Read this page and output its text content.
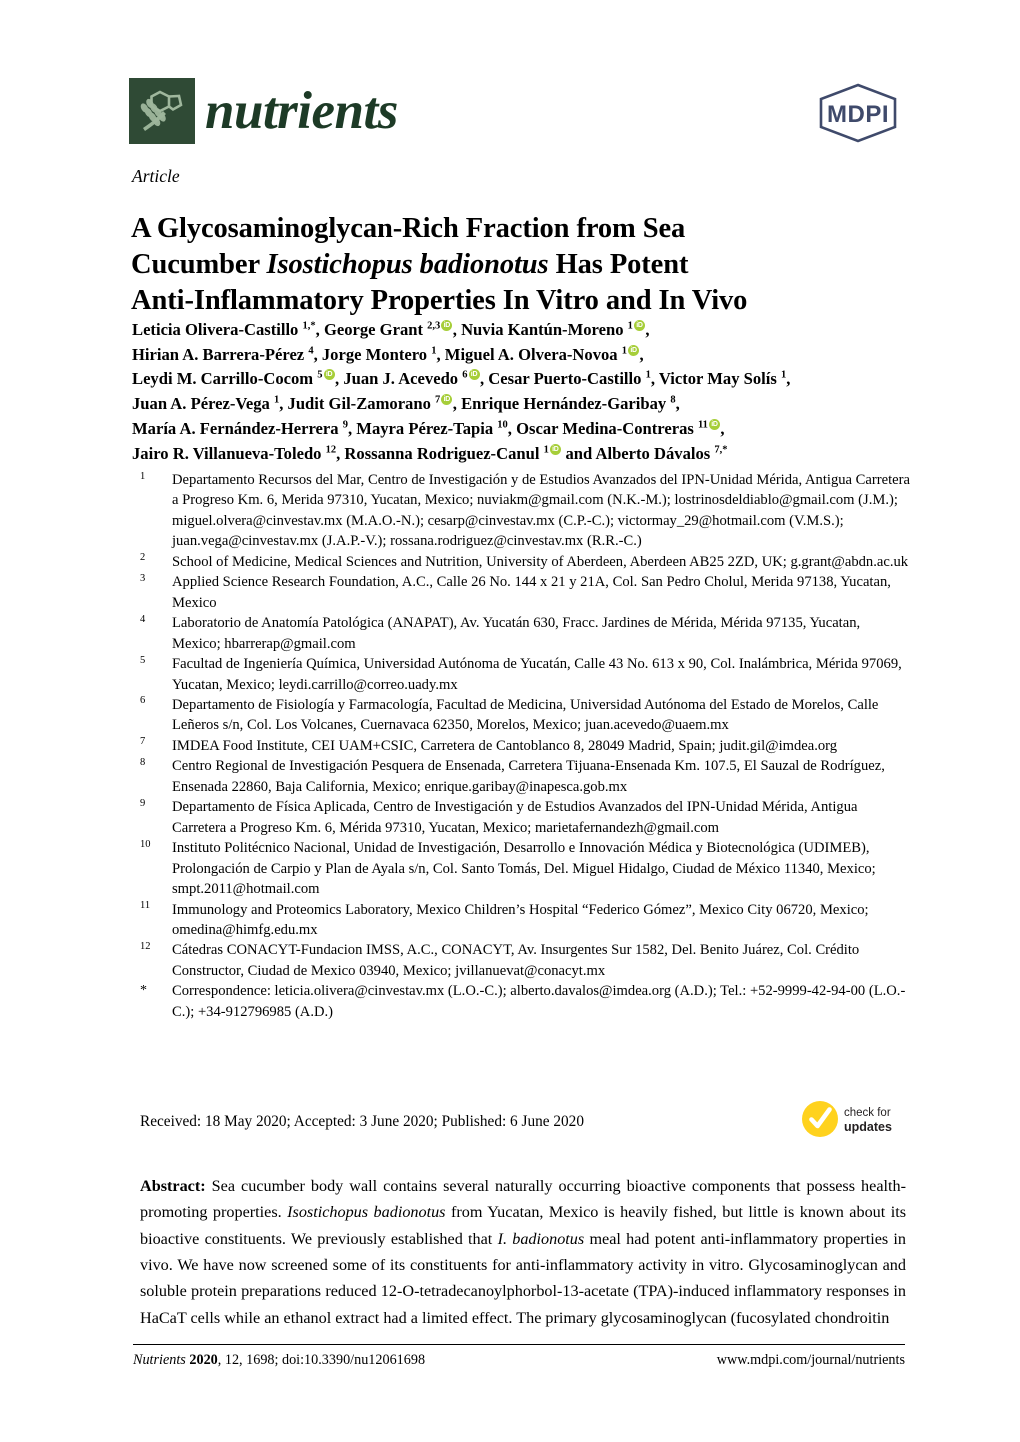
nutrients	MDPI
Article
A Glycosaminoglycan-Rich Fraction from Sea
Cucumber Isostichopus badionotus Has Potent
Anti-Inflammatory Properties In Vitro and In Vivo
Leticia Olivera-Castillo $^{1,*}$, George Grant $^{2,3}$ iD , Nuvia Kantún-Moreno $^1$ iD ,
Hirian A. Barrera-Pérez $^4$, Jorge Montero $^1$, Miguel A. Olvera-Novoa $^1$ iD ,
Leydi M. Carrillo-Cocom $^5$ iD , Juan J. Acevedo $^6$ iD , Cesar Puerto-Castillo $^1$, Victor May Solís $^1$,
Juan A. Pérez-Vega $^1$, Judit Gil-Zamorano $^7$ iD , Enrique Hernández-Garibay $^8$,
María A. Fernández-Herrera $^9$, Mayra Pérez-Tapia $^{10}$, Oscar Medina-Contreras $^{11}$ iD ,
Jairo R. Villanueva-Toledo $^{12}$, Rossanna Rodriguez-Canul $^1$ iD and Alberto Dávalos $^{7,*}$
1	Departamento Recursos del Mar, Centro de Investigación y de Estudios Avanzados del IPN-Unidad Mérida, Antigua Carretera a Progreso Km. 6, Merida 97310, Yucatan, Mexico; nuviakm@gmail.com (N.K.-M.); lostrinosdeldiablo@gmail.com (J.M.); miguel.olvera@cinvestav.mx (M.A.O.-N.); cesarp@cinvestav.mx (C.P.-C.); victormay_29@hotmail.com (V.M.S.); juan.vega@cinvestav.mx (J.A.P.-V.); rossana.rodriguez@cinvestav.mx (R.R.-C.)
2	School of Medicine, Medical Sciences and Nutrition, University of Aberdeen, Aberdeen AB25 2ZD, UK; g.grant@abdn.ac.uk
3	Applied Science Research Foundation, A.C., Calle 26 No. 144 x 21 y 21A, Col. San Pedro Cholul, Merida 97138, Yucatan, Mexico
4	Laboratorio de Anatomía Patológica (ANAPAT), Av. Yucatán 630, Fracc. Jardines de Mérida, Mérida 97135, Yucatan, Mexico; hbarrerap@gmail.com
5	Facultad de Ingeniería Química, Universidad Autónoma de Yucatán, Calle 43 No. 613 x 90, Col. Inalámbrica, Mérida 97069, Yucatan, Mexico; leydi.carrillo@correo.uady.mx
6	Departamento de Fisiología y Farmacología, Facultad de Medicina, Universidad Autónoma del Estado de Morelos, Calle Leñeros s/n, Col. Los Volcanes, Cuernavaca 62350, Morelos, Mexico; juan.acevedo@uaem.mx
7	IMDEA Food Institute, CEI UAM+CSIC, Carretera de Cantoblanco 8, 28049 Madrid, Spain; judit.gil@imdea.org
8	Centro Regional de Investigación Pesquera de Ensenada, Carretera Tijuana-Ensenada Km. 107.5, El Sauzal de Rodríguez, Ensenada 22860, Baja California, Mexico; enrique.garibay@inapesca.gob.mx
9	Departamento de Física Aplicada, Centro de Investigación y de Estudios Avanzados del IPN-Unidad Mérida, Antigua Carretera a Progreso Km. 6, Mérida 97310, Yucatan, Mexico; marietafernandezh@gmail.com
10	Instituto Politécnico Nacional, Unidad de Investigación, Desarrollo e Innovación Médica y Biotecnológica (UDIMEB), Prolongación de Carpio y Plan de Ayala s/n, Col. Santo Tomás, Del. Miguel Hidalgo, Ciudad de México 11340, Mexico; smpt.2011@hotmail.com
11	Immunology and Proteomics Laboratory, Mexico Children’s Hospital “Federico Gómez”, Mexico City 06720, Mexico; omedina@himfg.edu.mx
12	Cátedras CONACYT-Fundacion IMSS, A.C., CONACYT, Av. Insurgentes Sur 1582, Del. Benito Juárez, Col. Crédito Constructor, Ciudad de Mexico 03940, Mexico; jvillanuevat@conacyt.mx
*	Correspondence: leticia.olivera@cinvestav.mx (L.O.-C.); alberto.davalos@imdea.org (A.D.); Tel.: +52-9999-42-94-00 (L.O.-C.); +34-912796985 (A.D.)
Received: 18 May 2020; Accepted: 3 June 2020; Published: 6 June 2020	check for
updates

Abstract: Sea cucumber body wall contains several naturally occurring bioactive components that possess health-promoting properties. Isostichopus badionotus from Yucatan, Mexico is heavily fished, but little is known about its bioactive constituents. We previously established that I. badionotus meal had potent anti-inflammatory properties in vivo. We have now screened some of its constituents for anti-inflammatory activity in vitro. Glycosaminoglycan and soluble protein preparations reduced 12-O-tetradecanoylphorbol-13-acetate (TPA)-induced inflammatory responses in HaCaT cells while an ethanol extract had a limited effect. The primary glycosaminoglycan (fucosylated chondroitin

Nutrients 2020, 12, 1698; doi:10.3390/nu12061698	www.mdpi.com/journal/nutrients
